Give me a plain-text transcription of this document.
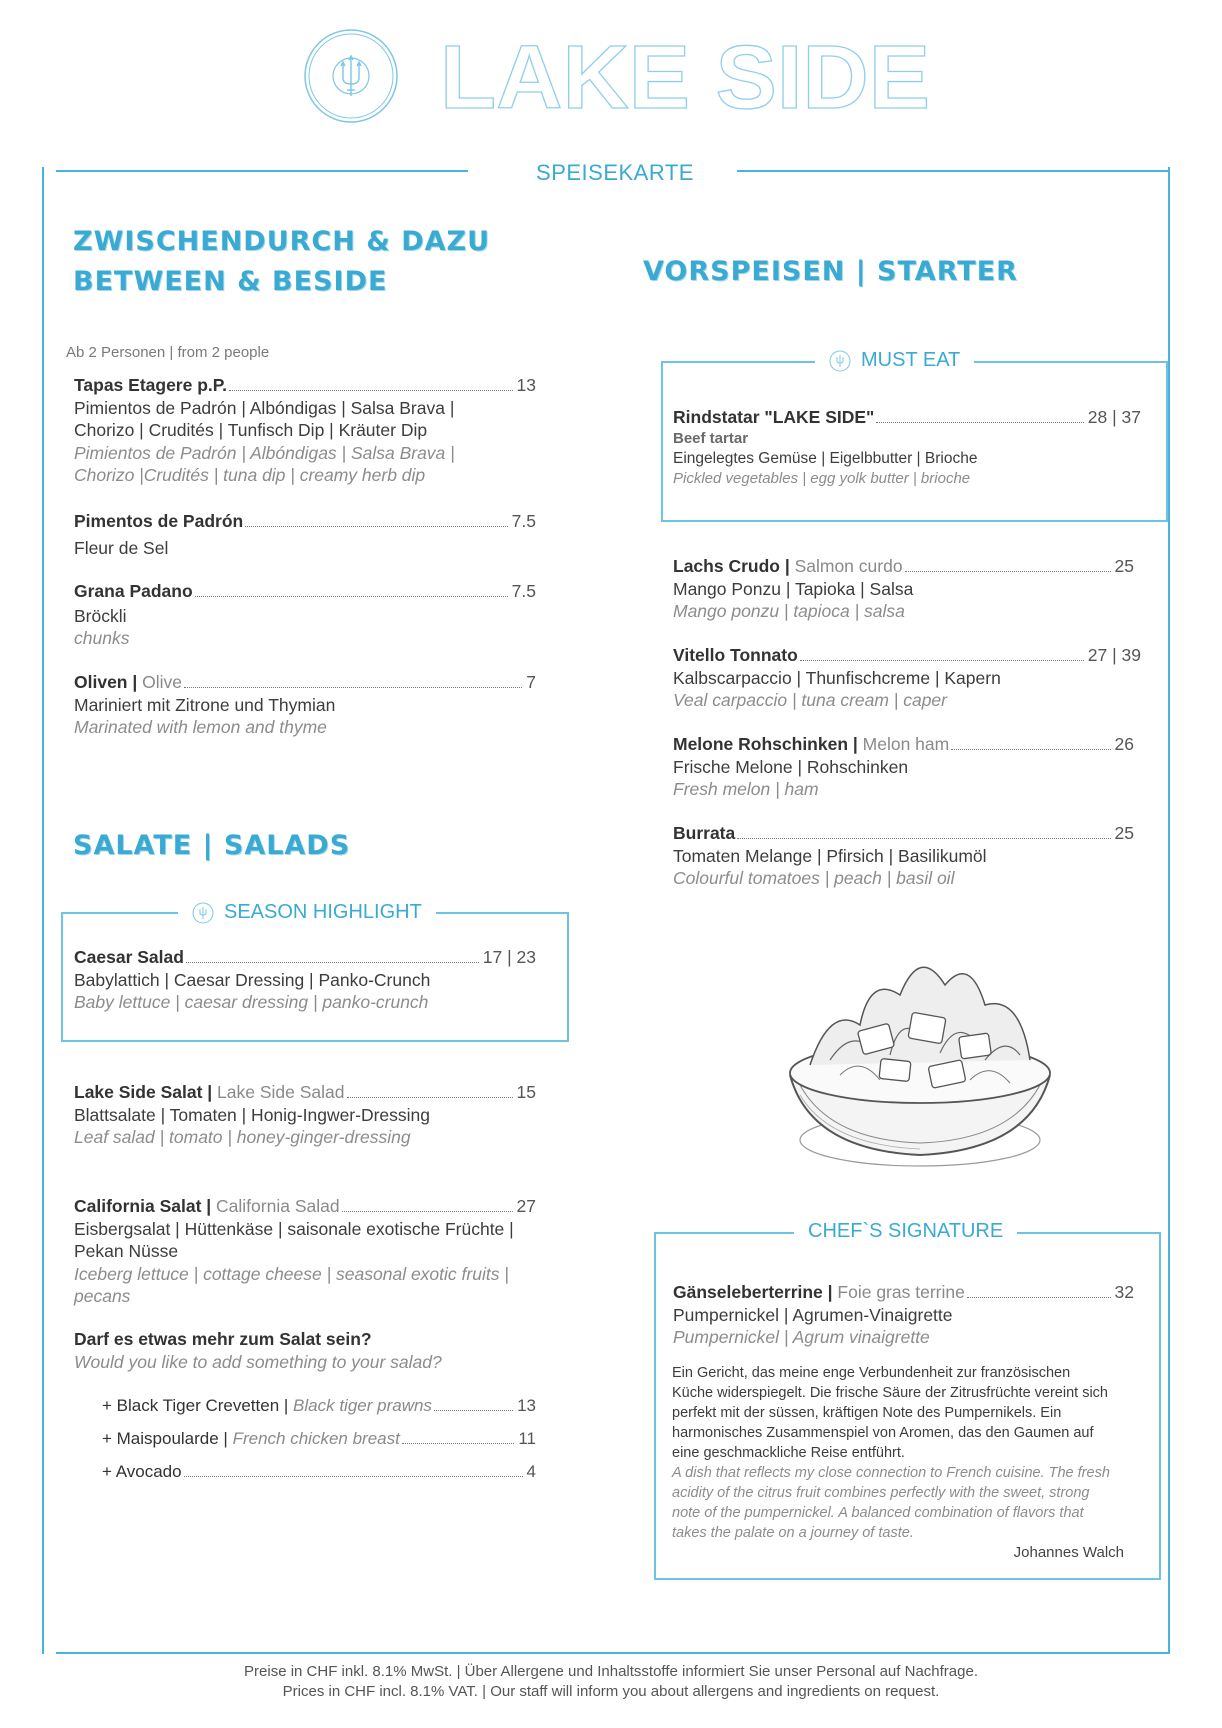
LAKE SIDE
SPEISEKARTE
ZWISCHENDURCH & DAZU
BETWEEN & BESIDE
Ab 2 Personen | from 2 people
Tapas Etagere p.P.	13
Pimientos de Padrón | Albóndigas | Salsa Brava | Chorizo | Crudités | Tunfisch Dip | Kräuter Dip
Pimientos de Padrón | Albóndigas | Salsa Brava | Chorizo |Crudités | tuna dip | creamy herb dip
Pimentos de Padrón	7.5
Fleur de Sel
Grana Padano	7.5
Bröckli
chunks
Oliven | Olive	7
Mariniert mit Zitrone und Thymian
Marinated with lemon and thyme
SALATE | SALADS
SEASON HIGHLIGHT
Caesar Salad	17 | 23
Babylattich | Caesar Dressing | Panko-Crunch
Baby lettuce | caesar dressing | panko-crunch
Lake Side Salat | Lake Side Salad	15
Blattsalate | Tomaten | Honig-Ingwer-Dressing
Leaf salad | tomato | honey-ginger-dressing
California Salat | California Salad	27
Eisbergsalat | Hüttenkäse | saisonale exotische Früchte | Pekan Nüsse
Iceberg lettuce | cottage cheese | seasonal exotic fruits | pecans
Darf es etwas mehr zum Salat sein?
Would you like to add something to your salad?
+ Black Tiger Crevetten | Black tiger prawns	13
+ Maispoularde | French chicken breast	11
+ Avocado	4
VORSPEISEN | STARTER
MUST EAT
Rindstatar "LAKE SIDE"	28 | 37
Beef tartar
Eingelegtes Gemüse | Eigelbbutter | Brioche
Pickled vegetables | egg yolk butter | brioche
Lachs Crudo | Salmon curdo	25
Mango Ponzu | Tapioka | Salsa
Mango ponzu | tapioca | salsa
Vitello Tonnato	27 | 39
Kalbscarpaccio | Thunfischcreme | Kapern
Veal carpaccio | tuna cream | caper
Melone Rohschinken | Melon ham	26
Frische Melone | Rohschinken
Fresh melon | ham
Burrata	25
Tomaten Melange | Pfirsich | Basilikumöl
Colourful tomatoes | peach | basil oil
CHEF`S SIGNATURE
Gänseleberterrine | Foie gras terrine	32
Pumpernickel | Agrumen-Vinaigrette
Pumpernickel | Agrum vinaigrette
Ein Gericht, das meine enge Verbundenheit zur französischen Küche widerspiegelt. Die frische Säure der Zitrusfrüchte vereint sich perfekt mit der süssen, kräftigen Note des Pumpernikels. Ein harmonisches Zusammenspiel von Aromen, das den Gaumen auf eine geschmackliche Reise entführt.
A dish that reflects my close connection to French cuisine. The fresh acidity of the citrus fruit combines perfectly with the sweet, strong note of the pumpernickel. A balanced combination of flavors that takes the palate on a journey of taste.
Johannes Walch
Preise in CHF inkl. 8.1% MwSt. | Über Allergene und Inhaltsstoffe informiert Sie unser Personal auf Nachfrage.
Prices in CHF incl. 8.1% VAT. | Our staff will inform you about allergens and ingredients on request.
